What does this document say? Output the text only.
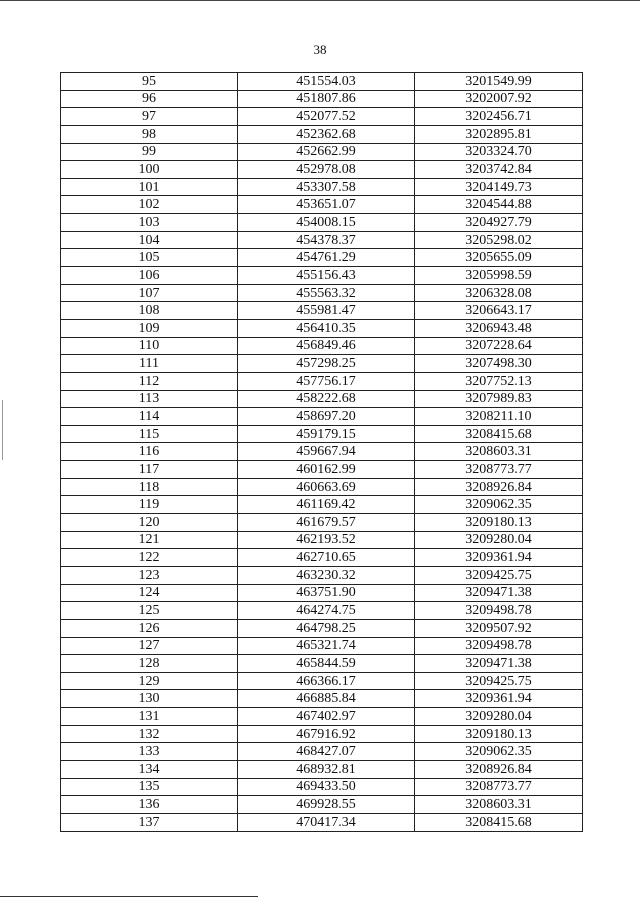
38
95	451554.03	3201549.99
96	451807.86	3202007.92
97	452077.52	3202456.71
98	452362.68	3202895.81
99	452662.99	3203324.70
100	452978.08	3203742.84
101	453307.58	3204149.73
102	453651.07	3204544.88
103	454008.15	3204927.79
104	454378.37	3205298.02
105	454761.29	3205655.09
106	455156.43	3205998.59
107	455563.32	3206328.08
108	455981.47	3206643.17
109	456410.35	3206943.48
110	456849.46	3207228.64
111	457298.25	3207498.30
112	457756.17	3207752.13
113	458222.68	3207989.83
114	458697.20	3208211.10
115	459179.15	3208415.68
116	459667.94	3208603.31
117	460162.99	3208773.77
118	460663.69	3208926.84
119	461169.42	3209062.35
120	461679.57	3209180.13
121	462193.52	3209280.04
122	462710.65	3209361.94
123	463230.32	3209425.75
124	463751.90	3209471.38
125	464274.75	3209498.78
126	464798.25	3209507.92
127	465321.74	3209498.78
128	465844.59	3209471.38
129	466366.17	3209425.75
130	466885.84	3209361.94
131	467402.97	3209280.04
132	467916.92	3209180.13
133	468427.07	3209062.35
134	468932.81	3208926.84
135	469433.50	3208773.77
136	469928.55	3208603.31
137	470417.34	3208415.68
